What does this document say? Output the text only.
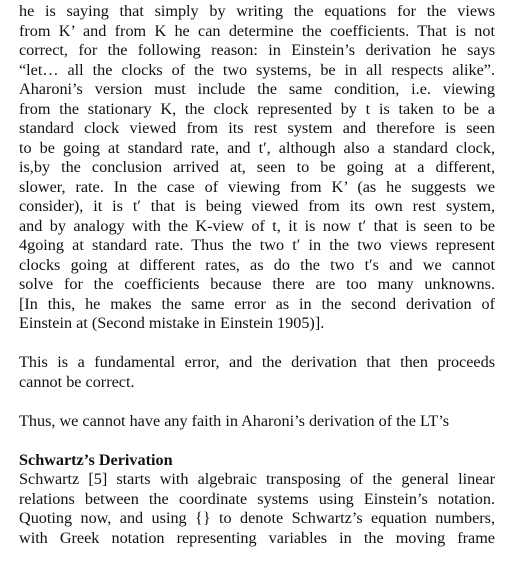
he is saying that simply by writing the equations for the views
from K’ and from K he can determine the coefficients. That is not
correct, for the following reason: in Einstein’s derivation he says
“let… all the clocks of the two systems, be in all respects alike”.
Aharoni’s version must include the same condition, i.e. viewing
from the stationary K, the clock represented by t is taken to be a
standard clock viewed from its rest system and therefore is seen
to be going at standard rate, and t′, although also a standard clock,
is,by the conclusion arrived at, seen to be going at a different,
slower, rate. In the case of viewing from K’ (as he suggests we
consider), it is t′ that is being viewed from its own rest system,
and by analogy with the K-view of t, it is now t′ that is seen to be
4going at standard rate. Thus the two t′ in the two views represent
clocks going at different rates, as do the two t′s and we cannot
solve for the coefficients because there are too many unknowns.
[In this, he makes the same error as in the second derivation of
Einstein at (Second mistake in Einstein 1905)].
This is a fundamental error, and the derivation that then proceeds
cannot be correct.
Thus, we cannot have any faith in Aharoni’s derivation of the LT’s
Schwartz’s Derivation
Schwartz [5] starts with algebraic transposing of the general linear
relations between the coordinate systems using Einstein’s notation.
Quoting now, and using {} to denote Schwartz’s equation numbers,
with Greek notation representing variables in the moving frame
